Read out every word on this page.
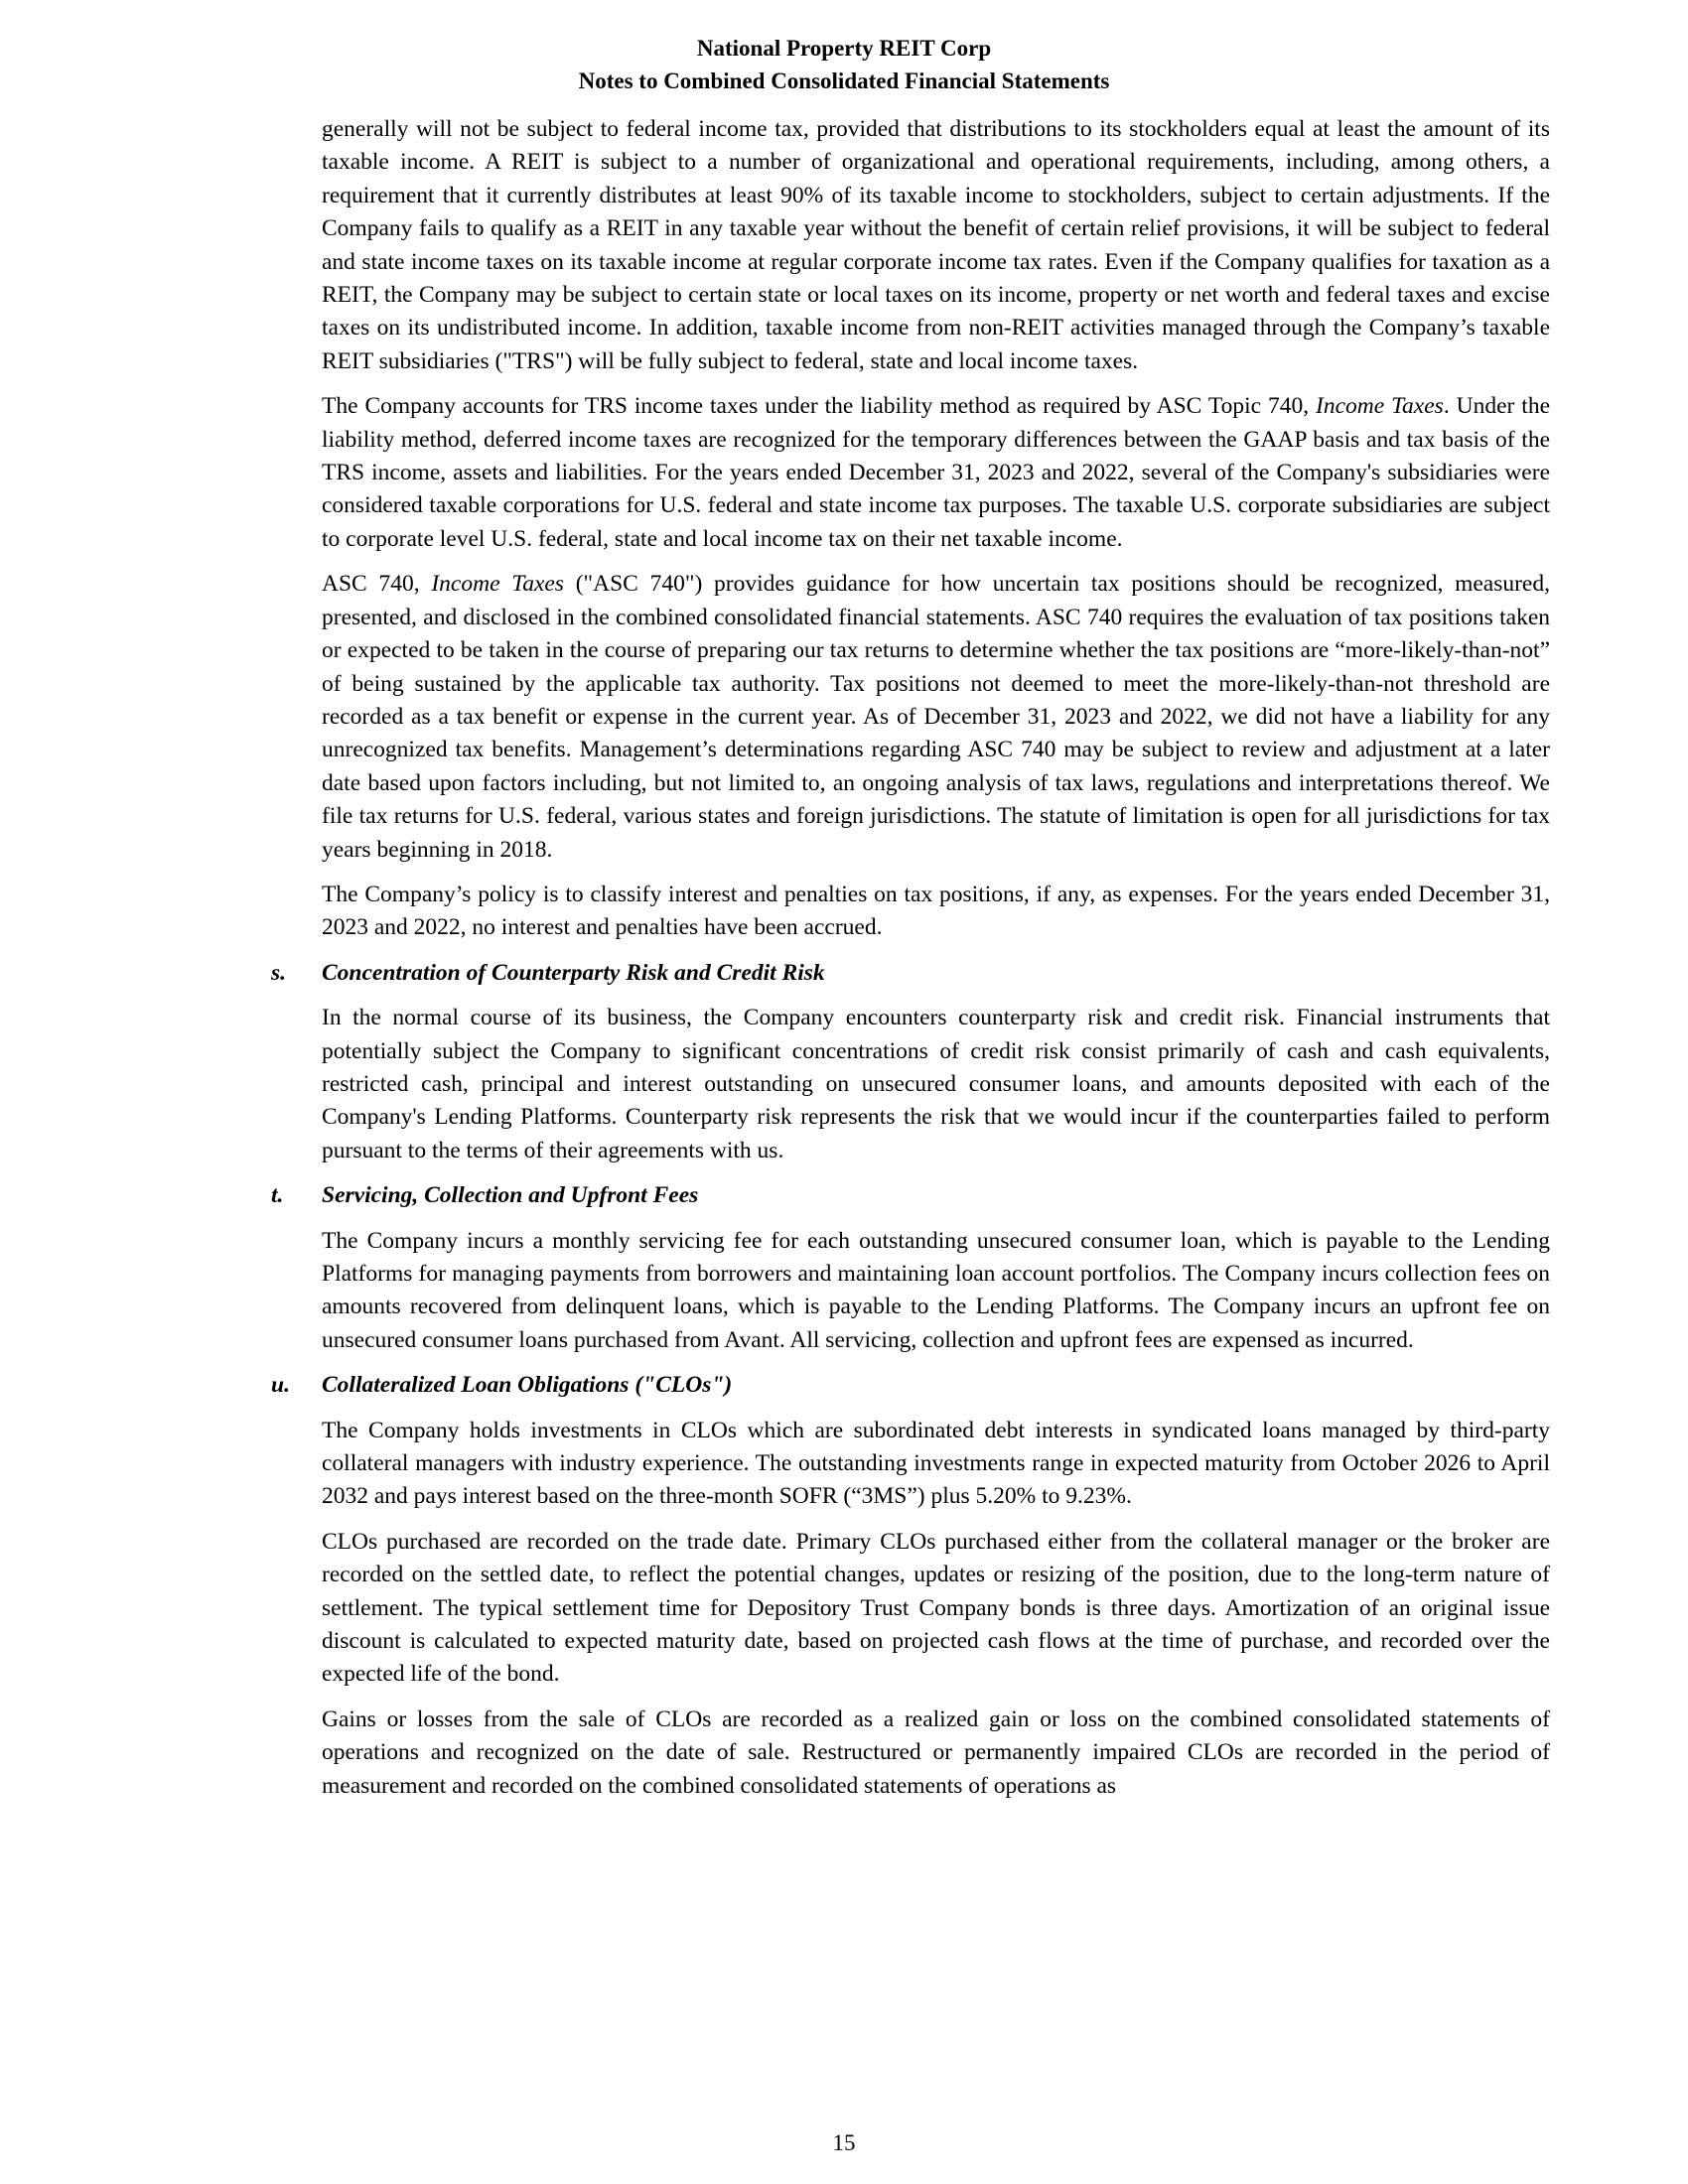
National Property REIT Corp
Notes to Combined Consolidated Financial Statements

generally will not be subject to federal income tax, provided that distributions to its stockholders equal at least the amount of its taxable income. A REIT is subject to a number of organizational and operational requirements, including, among others, a requirement that it currently distributes at least 90% of its taxable income to stockholders, subject to certain adjustments. If the Company fails to qualify as a REIT in any taxable year without the benefit of certain relief provisions, it will be subject to federal and state income taxes on its taxable income at regular corporate income tax rates. Even if the Company qualifies for taxation as a REIT, the Company may be subject to certain state or local taxes on its income, property or net worth and federal taxes and excise taxes on its undistributed income. In addition, taxable income from non-REIT activities managed through the Company’s taxable REIT subsidiaries ("TRS") will be fully subject to federal, state and local income taxes.

The Company accounts for TRS income taxes under the liability method as required by ASC Topic 740, Income Taxes. Under the liability method, deferred income taxes are recognized for the temporary differences between the GAAP basis and tax basis of the TRS income, assets and liabilities. For the years ended December 31, 2023 and 2022, several of the Company's subsidiaries were considered taxable corporations for U.S. federal and state income tax purposes. The taxable U.S. corporate subsidiaries are subject to corporate level U.S. federal, state and local income tax on their net taxable income.

ASC 740, Income Taxes ("ASC 740") provides guidance for how uncertain tax positions should be recognized, measured, presented, and disclosed in the combined consolidated financial statements. ASC 740 requires the evaluation of tax positions taken or expected to be taken in the course of preparing our tax returns to determine whether the tax positions are “more-likely-than-not” of being sustained by the applicable tax authority. Tax positions not deemed to meet the more-likely-than-not threshold are recorded as a tax benefit or expense in the current year. As of December 31, 2023 and 2022, we did not have a liability for any unrecognized tax benefits. Management’s determinations regarding ASC 740 may be subject to review and adjustment at a later date based upon factors including, but not limited to, an ongoing analysis of tax laws, regulations and interpretations thereof. We file tax returns for U.S. federal, various states and foreign jurisdictions. The statute of limitation is open for all jurisdictions for tax years beginning in 2018.

The Company’s policy is to classify interest and penalties on tax positions, if any, as expenses. For the years ended December 31, 2023 and 2022, no interest and penalties have been accrued.

s. Concentration of Counterparty Risk and Credit Risk

In the normal course of its business, the Company encounters counterparty risk and credit risk. Financial instruments that potentially subject the Company to significant concentrations of credit risk consist primarily of cash and cash equivalents, restricted cash, principal and interest outstanding on unsecured consumer loans, and amounts deposited with each of the Company's Lending Platforms. Counterparty risk represents the risk that we would incur if the counterparties failed to perform pursuant to the terms of their agreements with us.

t. Servicing, Collection and Upfront Fees

The Company incurs a monthly servicing fee for each outstanding unsecured consumer loan, which is payable to the Lending Platforms for managing payments from borrowers and maintaining loan account portfolios. The Company incurs collection fees on amounts recovered from delinquent loans, which is payable to the Lending Platforms. The Company incurs an upfront fee on unsecured consumer loans purchased from Avant. All servicing, collection and upfront fees are expensed as incurred.

u. Collateralized Loan Obligations ("CLOs")

The Company holds investments in CLOs which are subordinated debt interests in syndicated loans managed by third-party collateral managers with industry experience. The outstanding investments range in expected maturity from October 2026 to April 2032 and pays interest based on the three-month SOFR (“3MS”) plus 5.20% to 9.23%.

CLOs purchased are recorded on the trade date. Primary CLOs purchased either from the collateral manager or the broker are recorded on the settled date, to reflect the potential changes, updates or resizing of the position, due to the long-term nature of settlement. The typical settlement time for Depository Trust Company bonds is three days. Amortization of an original issue discount is calculated to expected maturity date, based on projected cash flows at the time of purchase, and recorded over the expected life of the bond.

Gains or losses from the sale of CLOs are recorded as a realized gain or loss on the combined consolidated statements of operations and recognized on the date of sale. Restructured or permanently impaired CLOs are recorded in the period of measurement and recorded on the combined consolidated statements of operations as

15
